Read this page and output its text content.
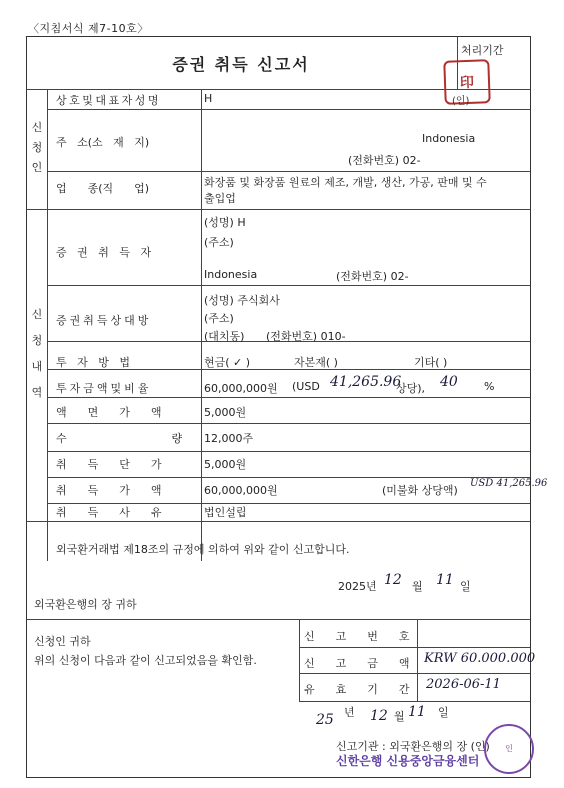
〈지침서식 제7-10호〉
증권 취득 신고서
처리기간
印
(인)
신
청
인
상호및대표자성명	H
주   소(소   재   지)	Indonesia
(전화번호) 02-
업      종(직      업)	화장품 및 화장품 원료의 제조, 개발, 생산, 가공, 판매 및 수
출입업
신
청
내
역
증   권   취   득   자
(성명) H
(주소)
Indonesia	(전화번호) 02-
증권취득상대방
(성명) 주식회사
(주소)
(대치동) (전화번호) 010-
투   자   방   법	현금( ✓ )	자본재( )	기타( )
투자금액및비율	60,000,000원 (USD 41,265.96
상당), 40 %
액      면      가      액	5,000원
수                              량 12,000주
취      득      단      가	5,000원
취      득      가      액	60,000,000원	(미불화 상당액)
USD 41,265.96
취      득      사      유	법인설립
외국환거래법 제18조의 규정에 의하여 위와 같이 신고합니다.
2025년 12 월 11 일
외국환은행의 장 귀하
신청인 귀하
위의 신청이 다음과 같이 신고되었음을 확인함.
신      고      번      호
신      고      금      액 KRW 60.000.000
유      효      기      간 2026-06-11
25 년 12 월 11 일
신고기관 : 외국환은행의 장 (인)
신한은행 신용중앙금융센터
인
